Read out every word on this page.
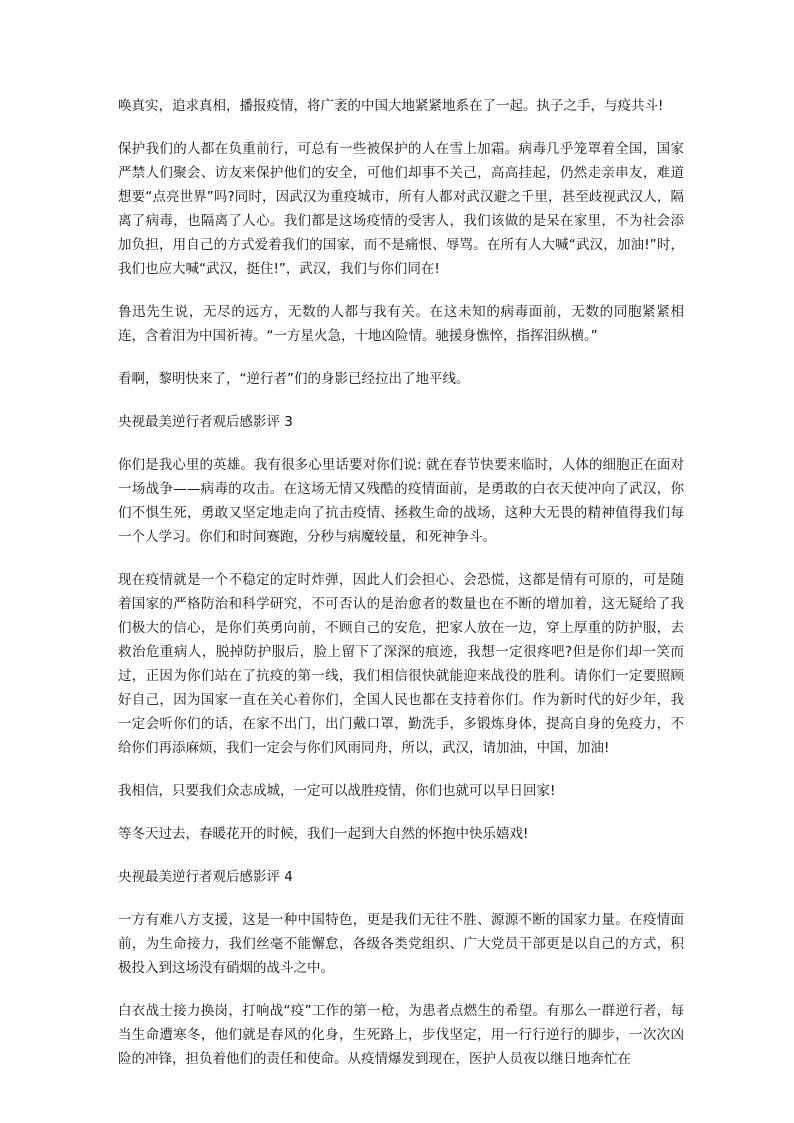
唤真实，追求真相，播报疫情，将广袤的中国大地紧紧地系在了一起。执子之手，与疫共斗!

保护我们的人都在负重前行，可总有一些被保护的人在雪上加霜。病毒几乎笼罩着全国，国家严禁人们聚会、访友来保护他们的安全，可他们却事不关己，高高挂起，仍然走亲串友，难道想要“点亮世界”吗?同时，因武汉为重疫城市，所有人都对武汉避之千里，甚至歧视武汉人，隔离了病毒，也隔离了人心。我们都是这场疫情的受害人，我们该做的是呆在家里，不为社会添加负担，用自己的方式爱着我们的国家，而不是痛恨、辱骂。在所有人大喊“武汉，加油!”时，我们也应大喊“武汉，挺住!”，武汉，我们与你们同在!

鲁迅先生说，无尽的远方，无数的人都与我有关。在这未知的病毒面前，无数的同胞紧紧相连，含着泪为中国祈祷。“一方星火急，十地凶险情。驰援身憔悴，指挥泪纵横。”

看啊，黎明快来了，“逆行者”们的身影已经拉出了地平线。

央视最美逆行者观后感影评 3

你们是我心里的英雄。我有很多心里话要对你们说: 就在春节快要来临时，人体的细胞正在面对一场战争——病毒的攻击。在这场无情又残酷的疫情面前，是勇敢的白衣天使冲向了武汉，你们不惧生死，勇敢又坚定地走向了抗击疫情、拯救生命的战场，这种大无畏的精神值得我们每一个人学习。你们和时间赛跑，分秒与病魔较量，和死神争斗。

现在疫情就是一个不稳定的定时炸弹，因此人们会担心、会恐慌，这都是情有可原的，可是随着国家的严格防治和科学研究，不可否认的是治愈者的数量也在不断的增加着，这无疑给了我们极大的信心，是你们英勇向前，不顾自己的安危，把家人放在一边，穿上厚重的防护服，去救治危重病人，脱掉防护服后，脸上留下了深深的痕迹，我想一定很疼吧?但是你们却一笑而过，正因为你们站在了抗疫的第一线，我们相信很快就能迎来战役的胜利。请你们一定要照顾好自己，因为国家一直在关心着你们，全国人民也都在支持着你们。作为新时代的好少年，我一定会听你们的话，在家不出门，出门戴口罩，勤洗手，多锻炼身体，提高自身的免疫力，不给你们再添麻烦，我们一定会与你们风雨同舟，所以，武汉，请加油，中国，加油!

我相信，只要我们众志成城，一定可以战胜疫情，你们也就可以早日回家!

等冬天过去，春暖花开的时候，我们一起到大自然的怀抱中快乐嬉戏!

央视最美逆行者观后感影评 4

一方有难八方支援，这是一种中国特色，更是我们无往不胜、源源不断的国家力量。在疫情面前，为生命接力，我们丝毫不能懈怠，各级各类党组织、广大党员干部更是以自己的方式，积极投入到这场没有硝烟的战斗之中。

白衣战士接力换岗，打响战“疫”工作的第一枪，为患者点燃生的希望。有那么一群逆行者，每当生命遭寒冬，他们就是春风的化身，生死路上，步伐坚定，用一行行逆行的脚步，一次次凶险的冲锋，担负着他们的责任和使命。从疫情爆发到现在，医护人员夜以继日地奔忙在
